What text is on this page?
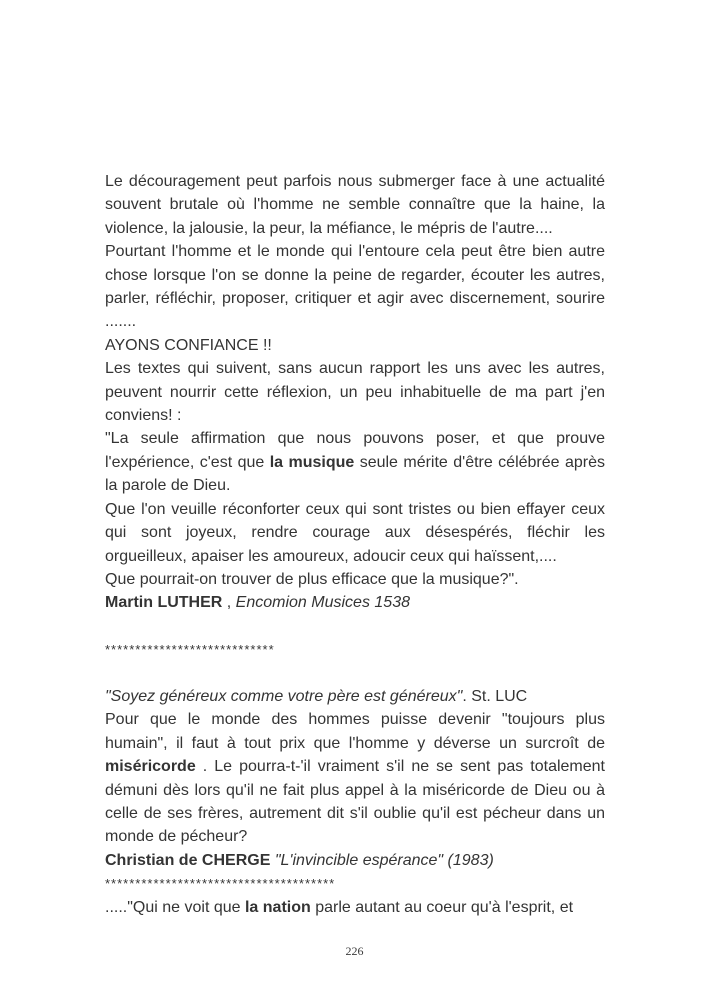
Le découragement peut parfois nous submerger face à une actualité souvent brutale où l'homme ne semble connaître que la haine, la violence, la jalousie, la peur, la méfiance, le mépris de l'autre....

Pourtant l'homme et le monde qui l'entoure cela peut être bien autre chose lorsque l'on se donne la peine de regarder, écouter les autres, parler, réfléchir, proposer, critiquer et agir avec discernement, sourire .......

AYONS CONFIANCE !!

Les textes qui suivent, sans aucun rapport les uns avec les autres, peuvent nourrir cette réflexion, un peu inhabituelle de ma part j'en conviens! :

"La seule affirmation que nous pouvons poser, et que prouve l'expérience, c'est que la musique seule mérite d'être célébrée après la parole de Dieu.

Que l'on veuille réconforter ceux qui sont tristes ou bien effayer ceux qui sont joyeux, rendre courage aux désespérés, fléchir les orgueilleux, apaiser les amoureux, adoucir ceux qui haïssent,....

Que pourrait-on trouver de plus efficace que la musique?".

Martin LUTHER , Encomion Musices 1538

****************************

"Soyez généreux comme votre père est généreux". St. LUC

Pour que le monde des hommes puisse devenir "toujours plus humain", il faut à tout prix que l'homme y déverse un surcroît de miséricorde . Le pourra-t-'il vraiment s'il ne se sent pas totalement démuni dès lors qu'il ne fait plus appel à la miséricorde de Dieu ou à celle de ses frères, autrement dit s'il oublie qu'il est pécheur dans un monde de pécheur?

Christian de CHERGE "L'invincible espérance" (1983)

**************************************

....."Qui ne voit que la nation parle autant au coeur qu'à l'esprit, et

226
